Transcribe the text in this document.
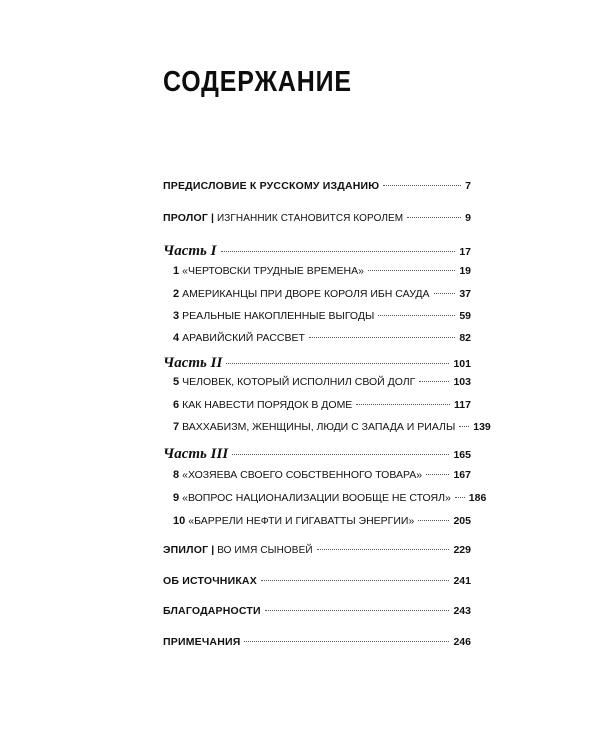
СОДЕРЖАНИЕ
ПРЕДИСЛОВИЕ К РУССКОМУ ИЗДАНИЮ	7
ПРОЛОГ | ИЗГНАННИК СТАНОВИТСЯ КОРОЛЕМ	9
Часть I	17
1 «ЧЕРТОВСКИ ТРУДНЫЕ ВРЕМЕНА»	19
2 АМЕРИКАНЦЫ ПРИ ДВОРЕ КОРОЛЯ ИБН САУДА	37
3 РЕАЛЬНЫЕ НАКОПЛЕННЫЕ ВЫГОДЫ	59
4 АРАВИЙСКИЙ РАССВЕТ	82
Часть II	101
5 ЧЕЛОВЕК, КОТОРЫЙ ИСПОЛНИЛ СВОЙ ДОЛГ	103
6 КАК НАВЕСТИ ПОРЯДОК В ДОМЕ	117
7 ВАХХАБИЗМ, ЖЕНЩИНЫ, ЛЮДИ С ЗАПАДА И РИАЛЫ 139
Часть III	165
8 «ХОЗЯЕВА СВОЕГО СОБСТВЕННОГО ТОВАРА»	167
9 «ВОПРОС НАЦИОНАЛИЗАЦИИ ВООБЩЕ НЕ СТОЯЛ» 186
10 «БАРРЕЛИ НЕФТИ И ГИГАВАТТЫ ЭНЕРГИИ»	205
ЭПИЛОГ | ВО ИМЯ СЫНОВЕЙ	229
ОБ ИСТОЧНИКАХ	241
БЛАГОДАРНОСТИ	243
ПРИМЕЧАНИЯ	246
